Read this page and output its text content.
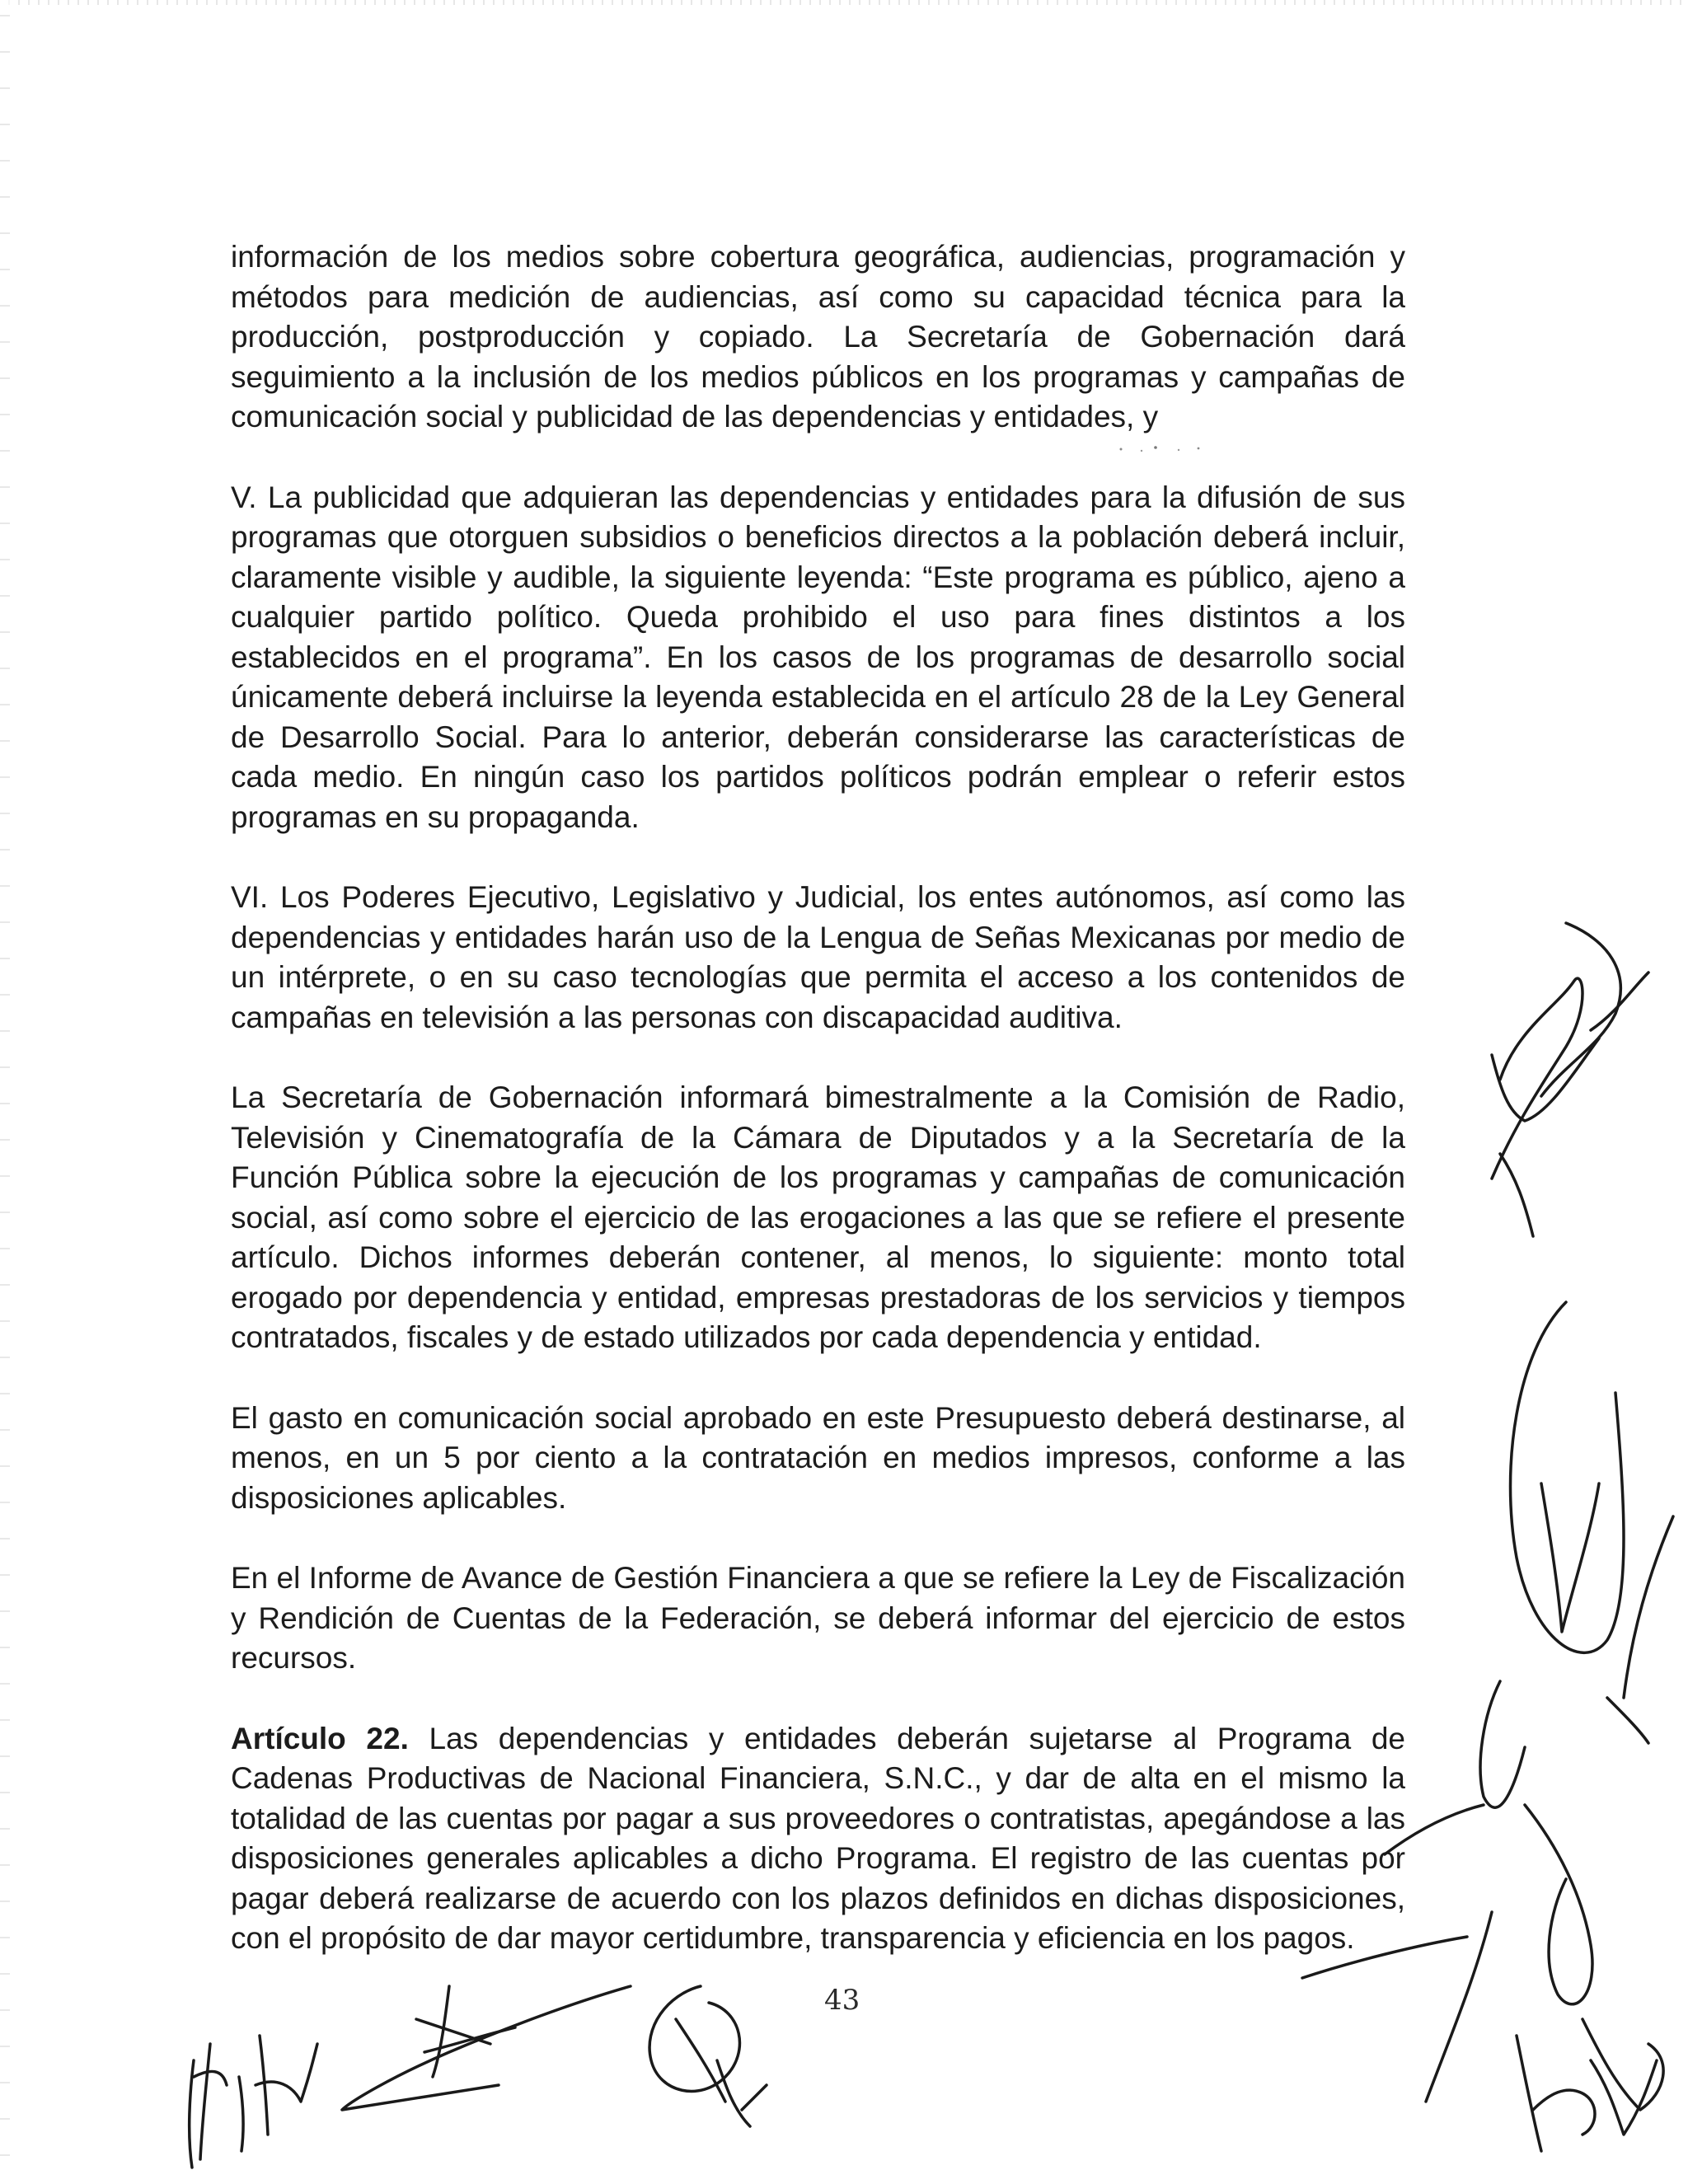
información de los medios sobre cobertura geográfica, audiencias, programación y métodos para medición de audiencias, así como su capacidad técnica para la producción, postproducción y copiado. La Secretaría de Gobernación dará seguimiento a la inclusión de los medios públicos en los programas y campañas de comunicación social y publicidad de las dependencias y entidades, y

V. La publicidad que adquieran las dependencias y entidades para la difusión de sus programas que otorguen subsidios o beneficios directos a la población deberá incluir, claramente visible y audible, la siguiente leyenda: “Este programa es público, ajeno a cualquier partido político. Queda prohibido el uso para fines distintos a los establecidos en el programa”. En los casos de los programas de desarrollo social únicamente deberá incluirse la leyenda establecida en el artículo 28 de la Ley General de Desarrollo Social. Para lo anterior, deberán considerarse las características de cada medio. En ningún caso los partidos políticos podrán emplear o referir estos programas en su propaganda.

VI. Los Poderes Ejecutivo, Legislativo y Judicial, los entes autónomos, así como las dependencias y entidades harán uso de la Lengua de Señas Mexicanas por medio de un intérprete, o en su caso tecnologías que permita el acceso a los contenidos de campañas en televisión a las personas con discapacidad auditiva.

La Secretaría de Gobernación informará bimestralmente a la Comisión de Radio, Televisión y Cinematografía de la Cámara de Diputados y a la Secretaría de la Función Pública sobre la ejecución de los programas y campañas de comunicación social, así como sobre el ejercicio de las erogaciones a las que se refiere el presente artículo. Dichos informes deberán contener, al menos, lo siguiente: monto total erogado por dependencia y entidad, empresas prestadoras de los servicios y tiempos contratados, fiscales y de estado utilizados por cada dependencia y entidad.

El gasto en comunicación social aprobado en este Presupuesto deberá destinarse, al menos, en un 5 por ciento a la contratación en medios impresos, conforme a las disposiciones aplicables.

En el Informe de Avance de Gestión Financiera a que se refiere la Ley de Fiscalización y Rendición de Cuentas de la Federación, se deberá informar del ejercicio de estos recursos.

Artículo 22. Las dependencias y entidades deberán sujetarse al Programa de Cadenas Productivas de Nacional Financiera, S.N.C., y dar de alta en el mismo la totalidad de las cuentas por pagar a sus proveedores o contratistas, apegándose a las disposiciones generales aplicables a dicho Programa. El registro de las cuentas por pagar deberá realizarse de acuerdo con los plazos definidos en dichas disposiciones, con el propósito de dar mayor certidumbre, transparencia y eficiencia en los pagos.

43
